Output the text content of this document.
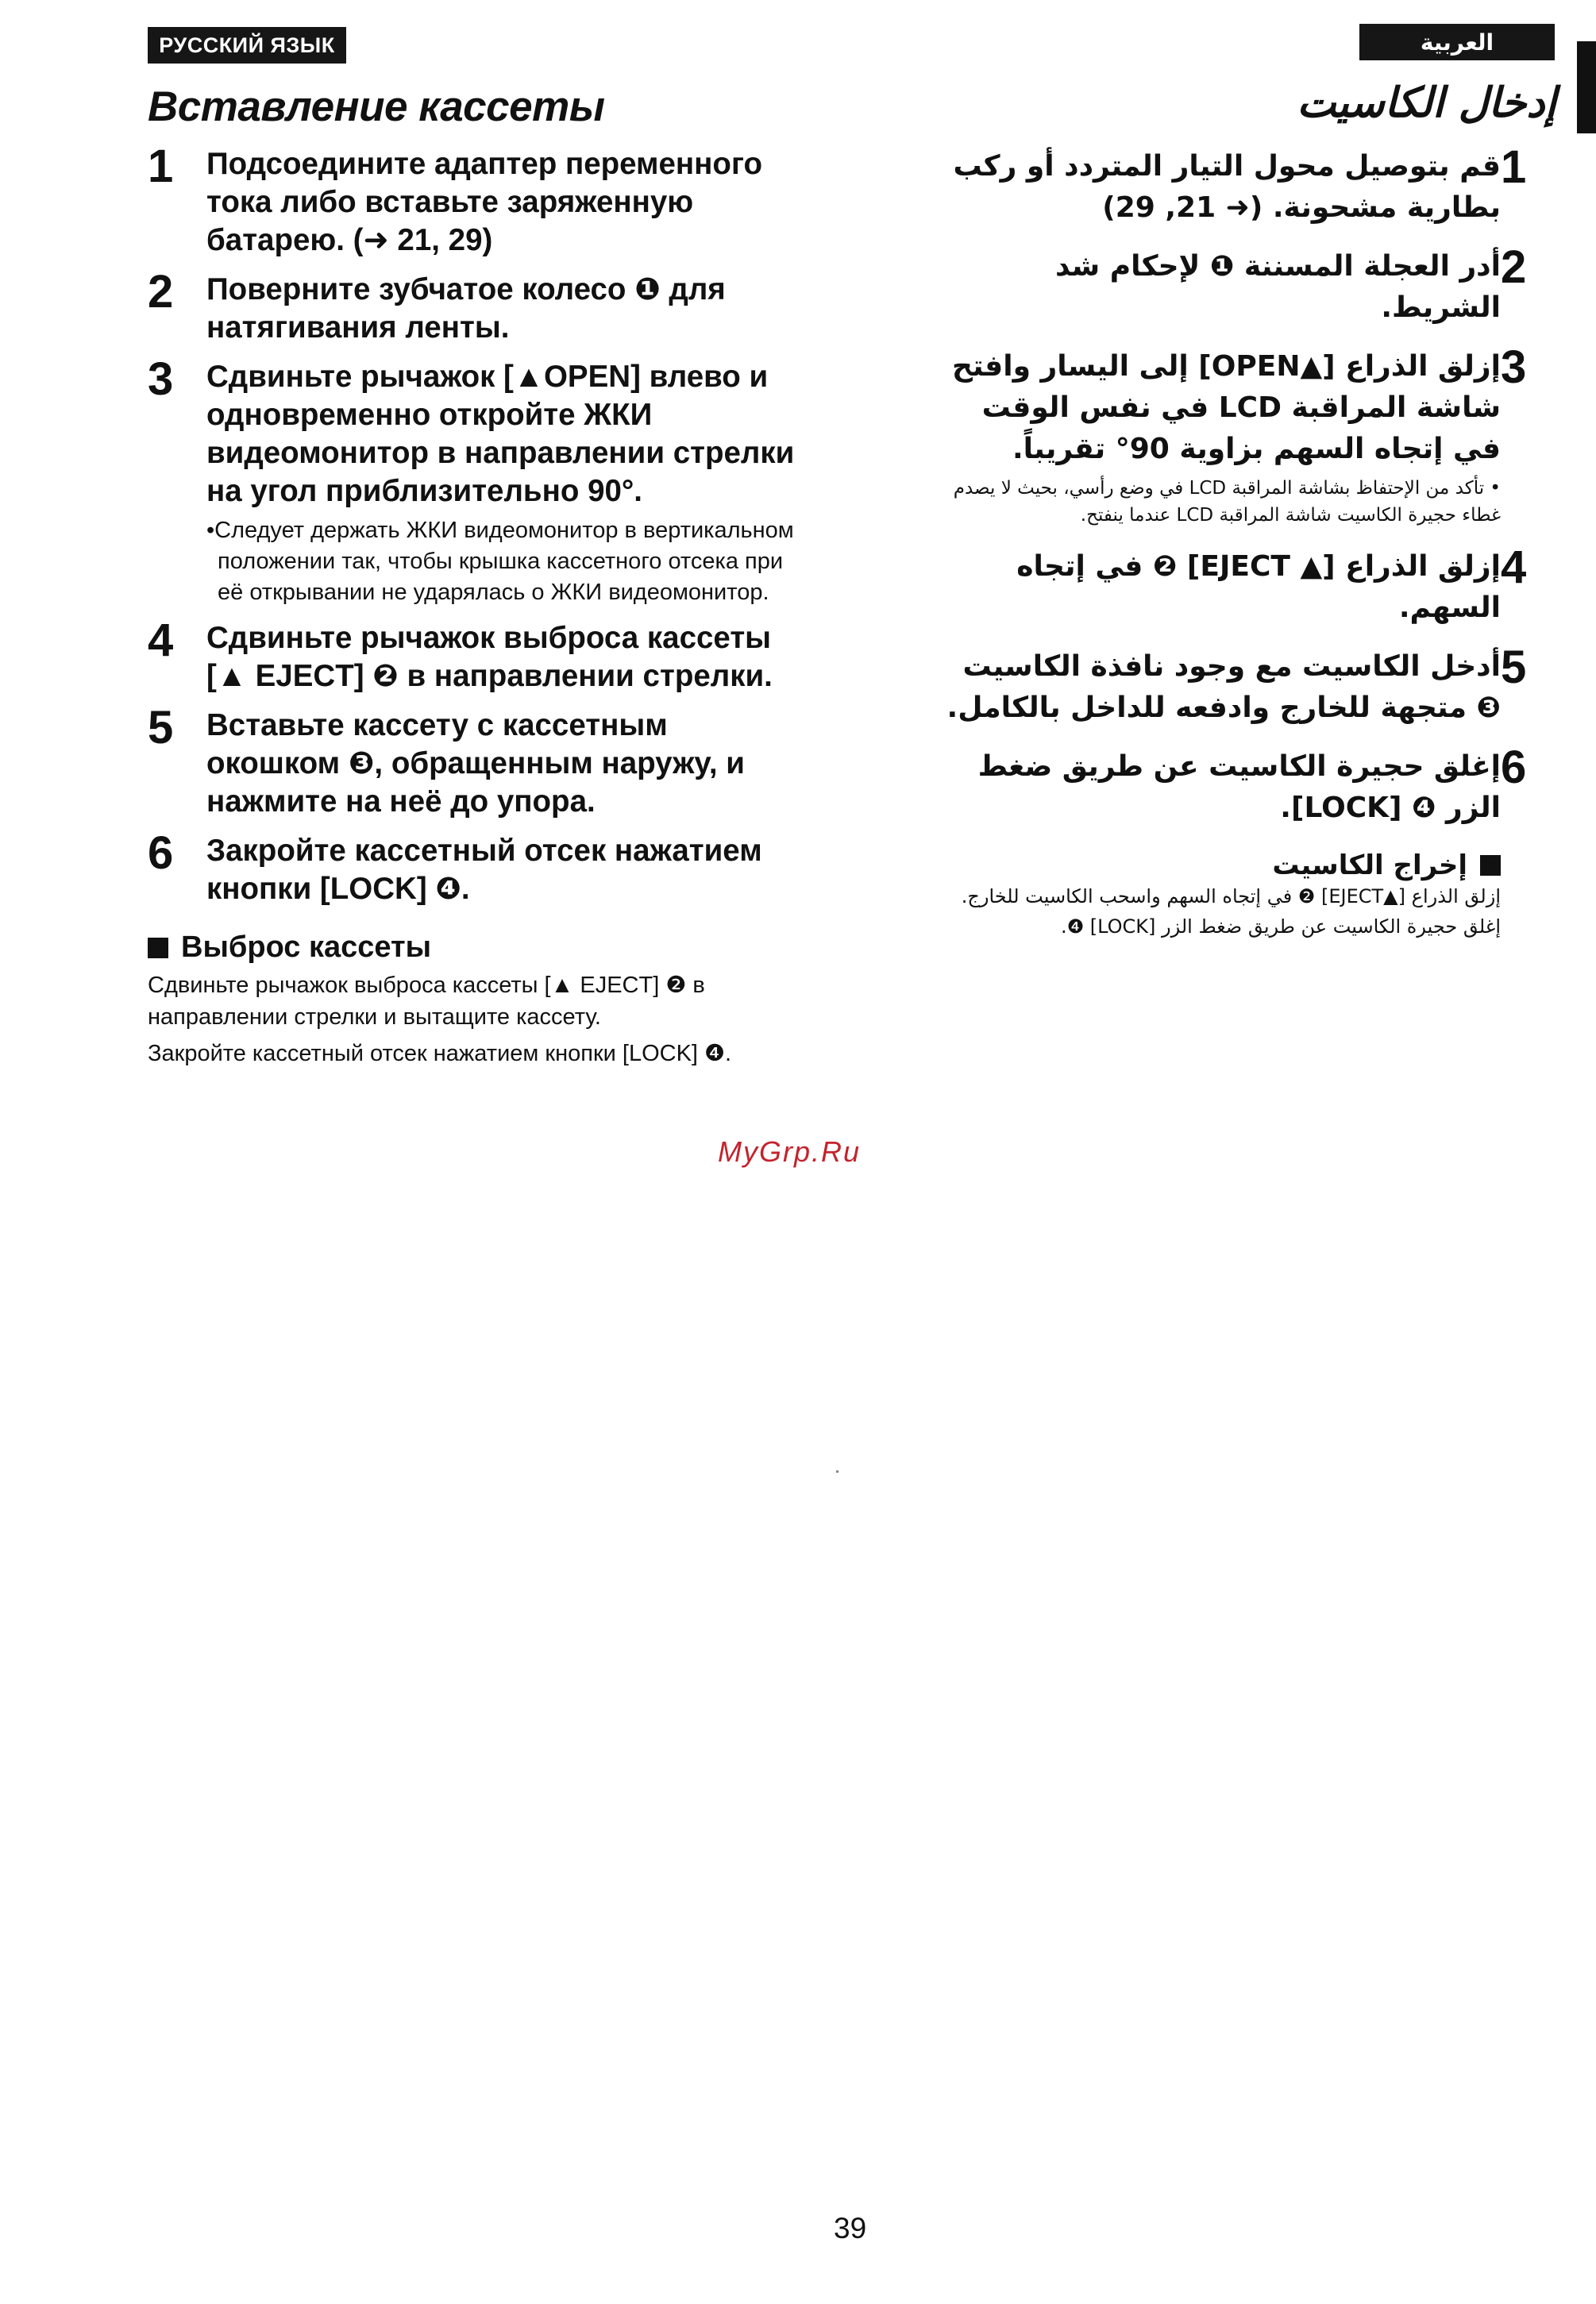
РУССКИЙ ЯЗЫК	العربية
Вставление кассеты
1	Подсоедините адаптер переменного тока либо вставьте заряженную батарею. (➜ 21, 29)
2	Поверните зубчатое колесо ❶ для натягивания ленты.
3	Сдвиньте рычажок [▲OPEN] влево и одновременно откройте ЖКИ видеомонитор в направлении стрелки на угол приблизительно 90°.
•Следует держать ЖКИ видеомонитор в вертикальном положении так, чтобы крышка кассетного отсека при её открывании не ударялась о ЖКИ видеомонитор.
4	Сдвиньте рычажок выброса кассеты [▲ EJECT] ❷ в направлении стрелки.
5	Вставьте кассету с кассетным окошком ❸, обращенным наружу, и нажмите на неё до упора.
6	Закройте кассетный отсек нажатием кнопки [LOCK] ❹.
Выброс кассеты
Сдвиньте рычажок выброса кассеты [▲ EJECT] ❷ в направлении стрелки и вытащите кассету.
Закройте кассетный отсек нажатием кнопки [LOCK] ❹.
إدخال الكاسيت
1
قم بتوصيل محول التيار المتردد أو ركب بطارية مشحونة. (➜ 21, 29)
2
أدر العجلة المسننة ❶ لإحكام شد الشريط.
3
إزلق الذراع [▲OPEN] إلى اليسار وافتح شاشة المراقبة LCD في نفس الوقت في إتجاه السهم بزاوية 90° تقريباً.
• تأكد من الإحتفاظ بشاشة المراقبة LCD في وضع رأسي، بحيث لا يصدم غطاء حجيرة الكاسيت شاشة المراقبة LCD عندما ينفتح.
4
إزلق الذراع [▲ EJECT] ❷ في إتجاه السهم.
5
أدخل الكاسيت مع وجود نافذة الكاسيت ❸ متجهة للخارج وادفعه للداخل بالكامل.
6
إغلق حجيرة الكاسيت عن طريق ضغط الزر ❹ [LOCK].
إخراج الكاسيت
إزلق الذراع [▲EJECT] ❷ في إتجاه السهم واسحب الكاسيت للخارج.
إغلق حجيرة الكاسيت عن طريق ضغط الزر [LOCK] ❹.
MyGrp.Ru
39
